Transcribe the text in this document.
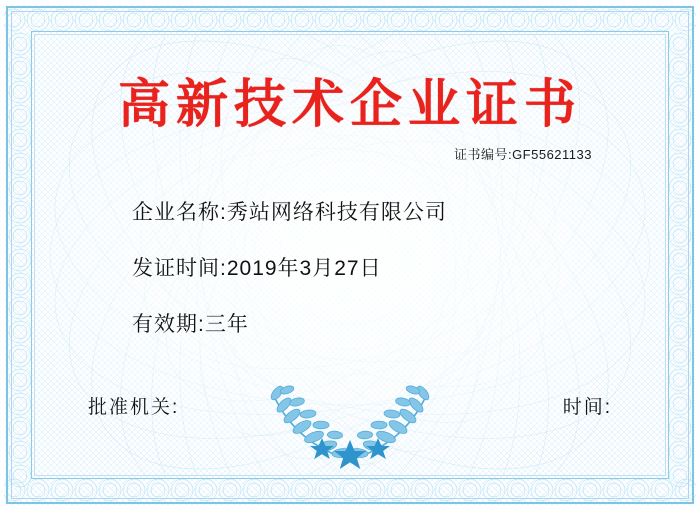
高新技术企业证书
证书编号:GF55621133
企业名称:秀站网络科技有限公司
发证时间:2019年3月27日
有效期:三年
批准机关:	时间:
